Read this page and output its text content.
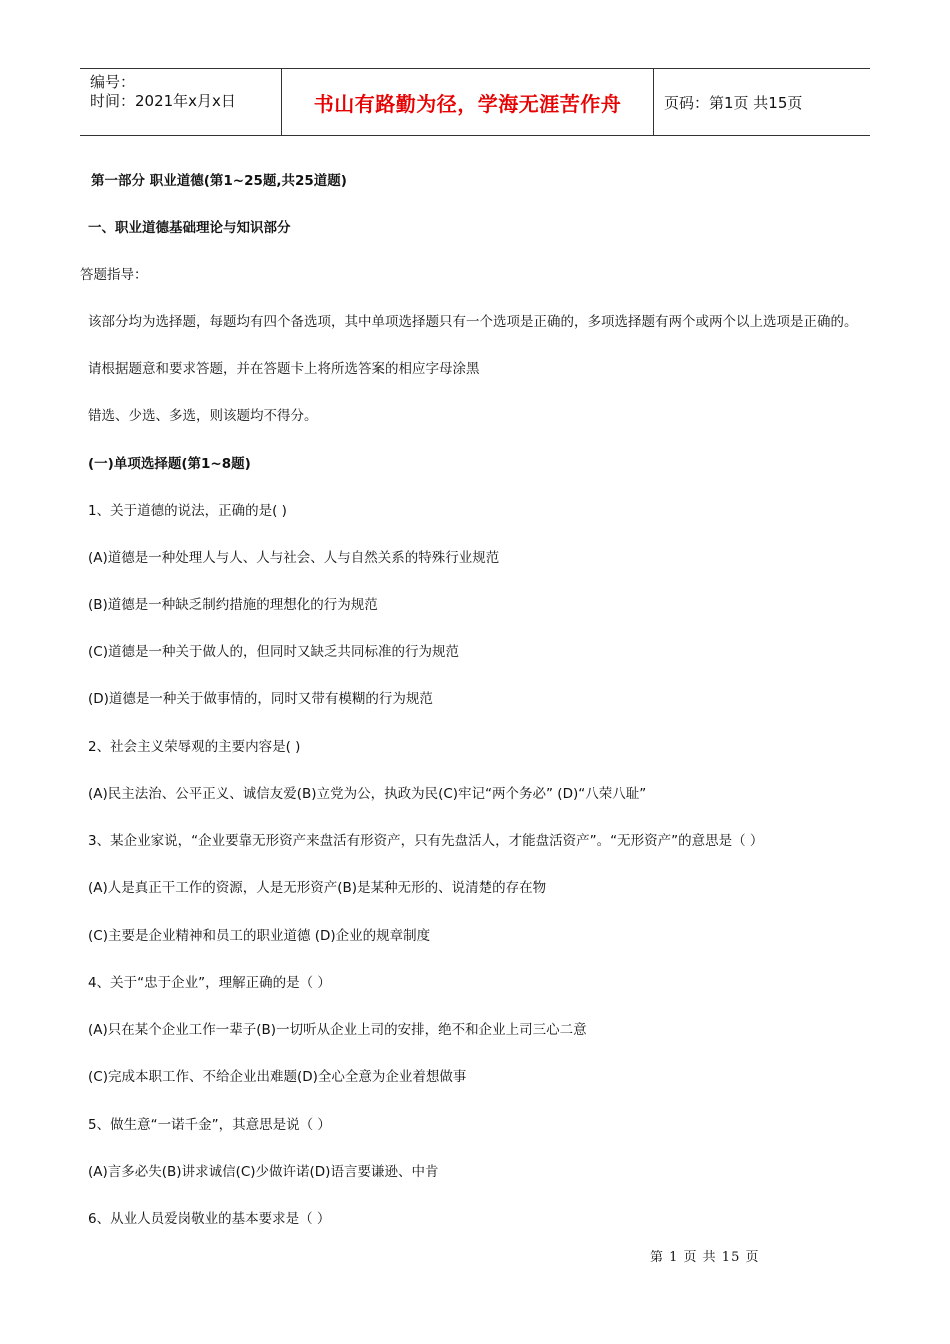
编号：
时间：2021年x月x日	书山有路勤为径，学海无涯苦作舟	页码：第1页 共15页
第一部分 职业道德(第1~25题,共25道题)
一、职业道德基础理论与知识部分
答题指导：
该部分均为选择题，每题均有四个备选项，其中单项选择题只有一个选项是正确的，多项选择题有两个或两个以上选项是正确的。
请根据题意和要求答题，并在答题卡上将所选答案的相应字母涂黑
错选、少选、多选，则该题均不得分。
(一)单项选择题(第1~8题)
1、关于道德的说法，正确的是( )
(A)道德是一种处理人与人、人与社会、人与自然关系的特殊行业规范
(B)道德是一种缺乏制约措施的理想化的行为规范
(C)道德是一种关于做人的，但同时又缺乏共同标准的行为规范
(D)道德是一种关于做事情的，同时又带有模糊的行为规范
2、社会主义荣辱观的主要内容是( )
(A)民主法治、公平正义、诚信友爱(B)立党为公，执政为民(C)牢记“两个务必” (D)“八荣八耻”
3、某企业家说，“企业要靠无形资产来盘活有形资产，只有先盘活人，才能盘活资产”。“无形资产”的意思是（ ）
(A)人是真正干工作的资源，人是无形资产(B)是某种无形的、说清楚的存在物
(C)主要是企业精神和员工的职业道德 (D)企业的规章制度
4、关于“忠于企业”，理解正确的是（ ）
(A)只在某个企业工作一辈子(B)一切听从企业上司的安排，绝不和企业上司三心二意
(C)完成本职工作、不给企业出难题(D)全心全意为企业着想做事
5、做生意“一诺千金”，其意思是说（ ）
(A)言多必失(B)讲求诚信(C)少做许诺(D)语言要谦逊、中肯
6、从业人员爱岗敬业的基本要求是（ ）
第 1 页 共 15 页
